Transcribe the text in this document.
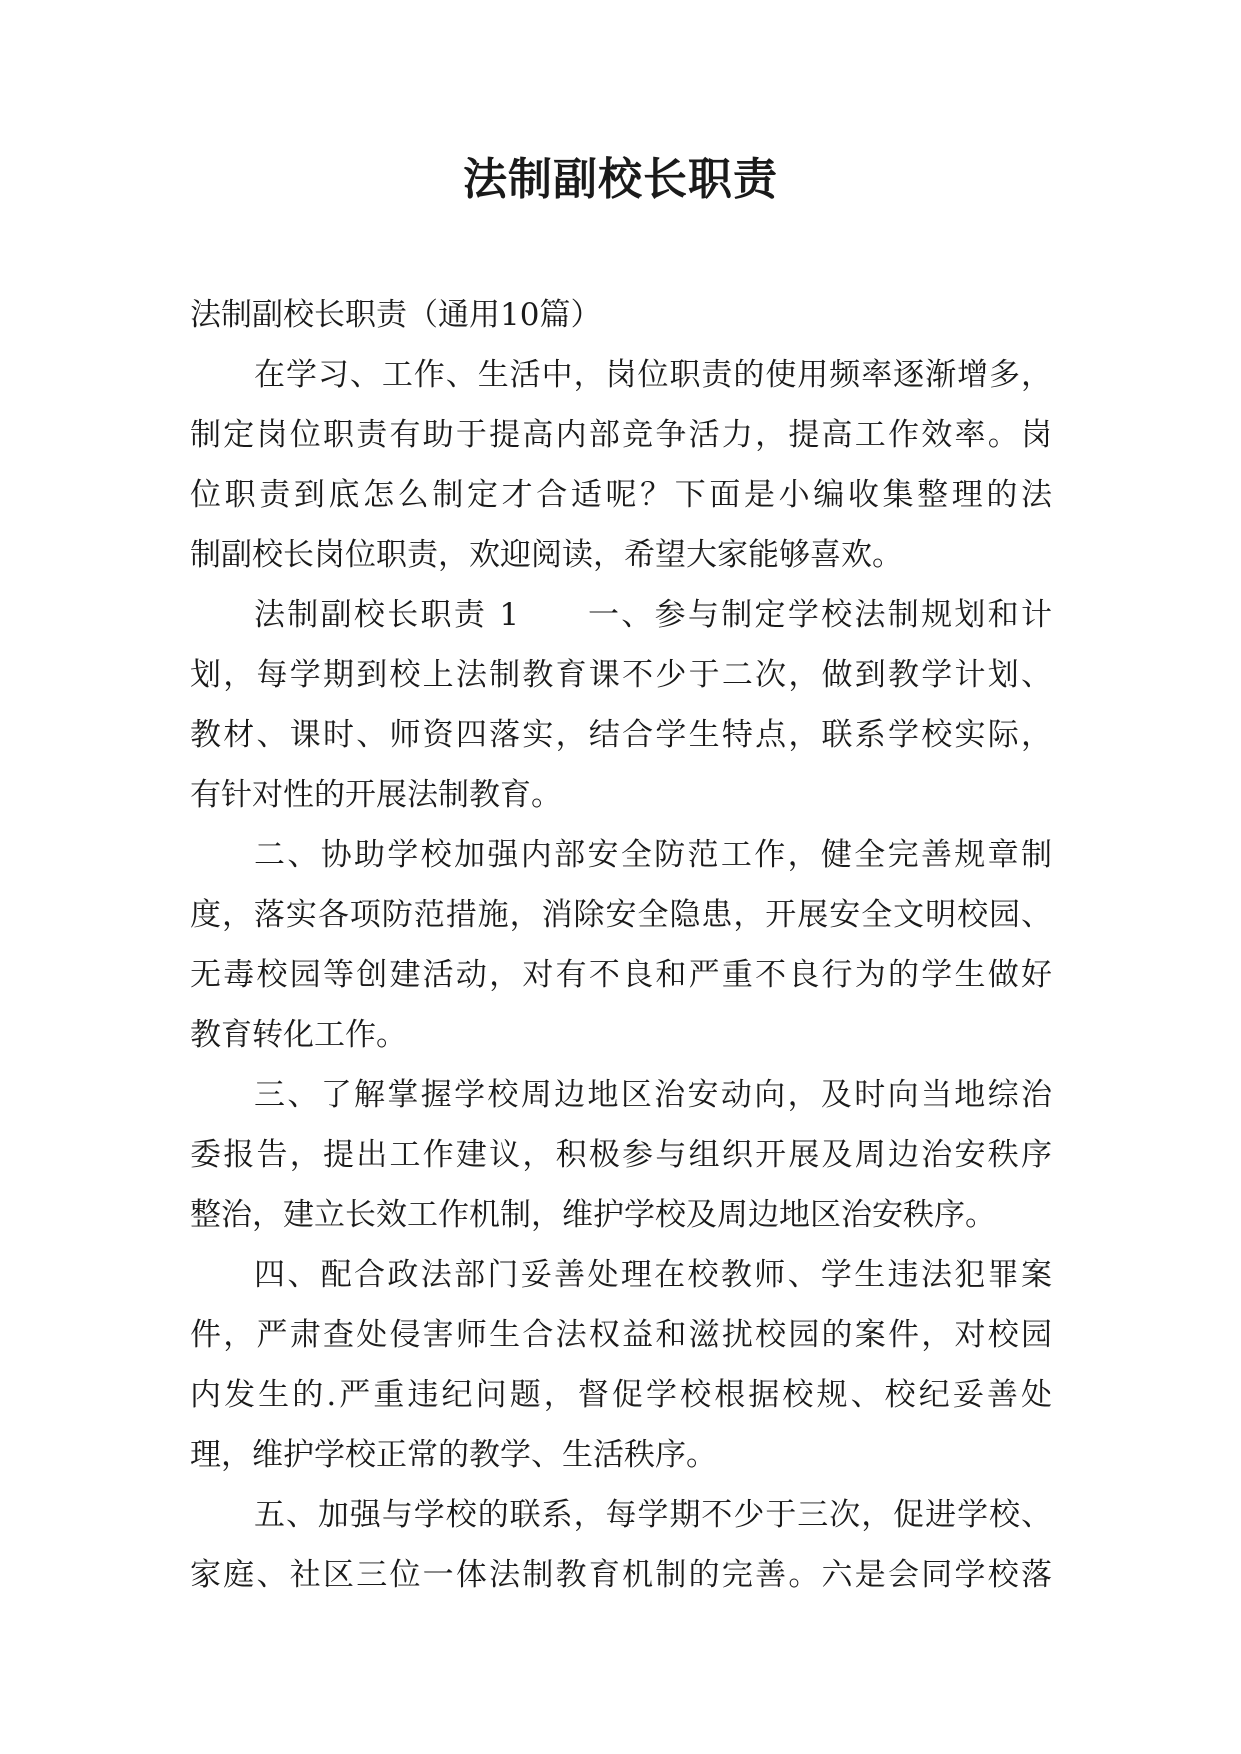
法制副校长职责

法制副校长职责（通用10篇）

在学习、工作、生活中，岗位职责的使用频率逐渐增多，

制定岗位职责有助于提高内部竞争活力，提高工作效率。岗

位职责到底怎么制定才合适呢？下面是小编收集整理的法

制副校长岗位职责，欢迎阅读，希望大家能够喜欢。

法制副校长职责 1　　一、参与制定学校法制规划和计

划，每学期到校上法制教育课不少于二次，做到教学计划、

教材、课时、师资四落实，结合学生特点，联系学校实际，

有针对性的开展法制教育。

二、协助学校加强内部安全防范工作，健全完善规章制

度，落实各项防范措施，消除安全隐患，开展安全文明校园、

无毒校园等创建活动，对有不良和严重不良行为的学生做好

教育转化工作。

三、了解掌握学校周边地区治安动向，及时向当地综治

委报告，提出工作建议，积极参与组织开展及周边治安秩序

整治，建立长效工作机制，维护学校及周边地区治安秩序。

四、配合政法部门妥善处理在校教师、学生违法犯罪案

件，严肃查处侵害师生合法权益和滋扰校园的案件，对校园

内发生的.严重违纪问题，督促学校根据校规、校纪妥善处

理，维护学校正常的教学、生活秩序。

五、加强与学校的联系，每学期不少于三次，促进学校、

家庭、社区三位一体法制教育机制的完善。六是会同学校落
